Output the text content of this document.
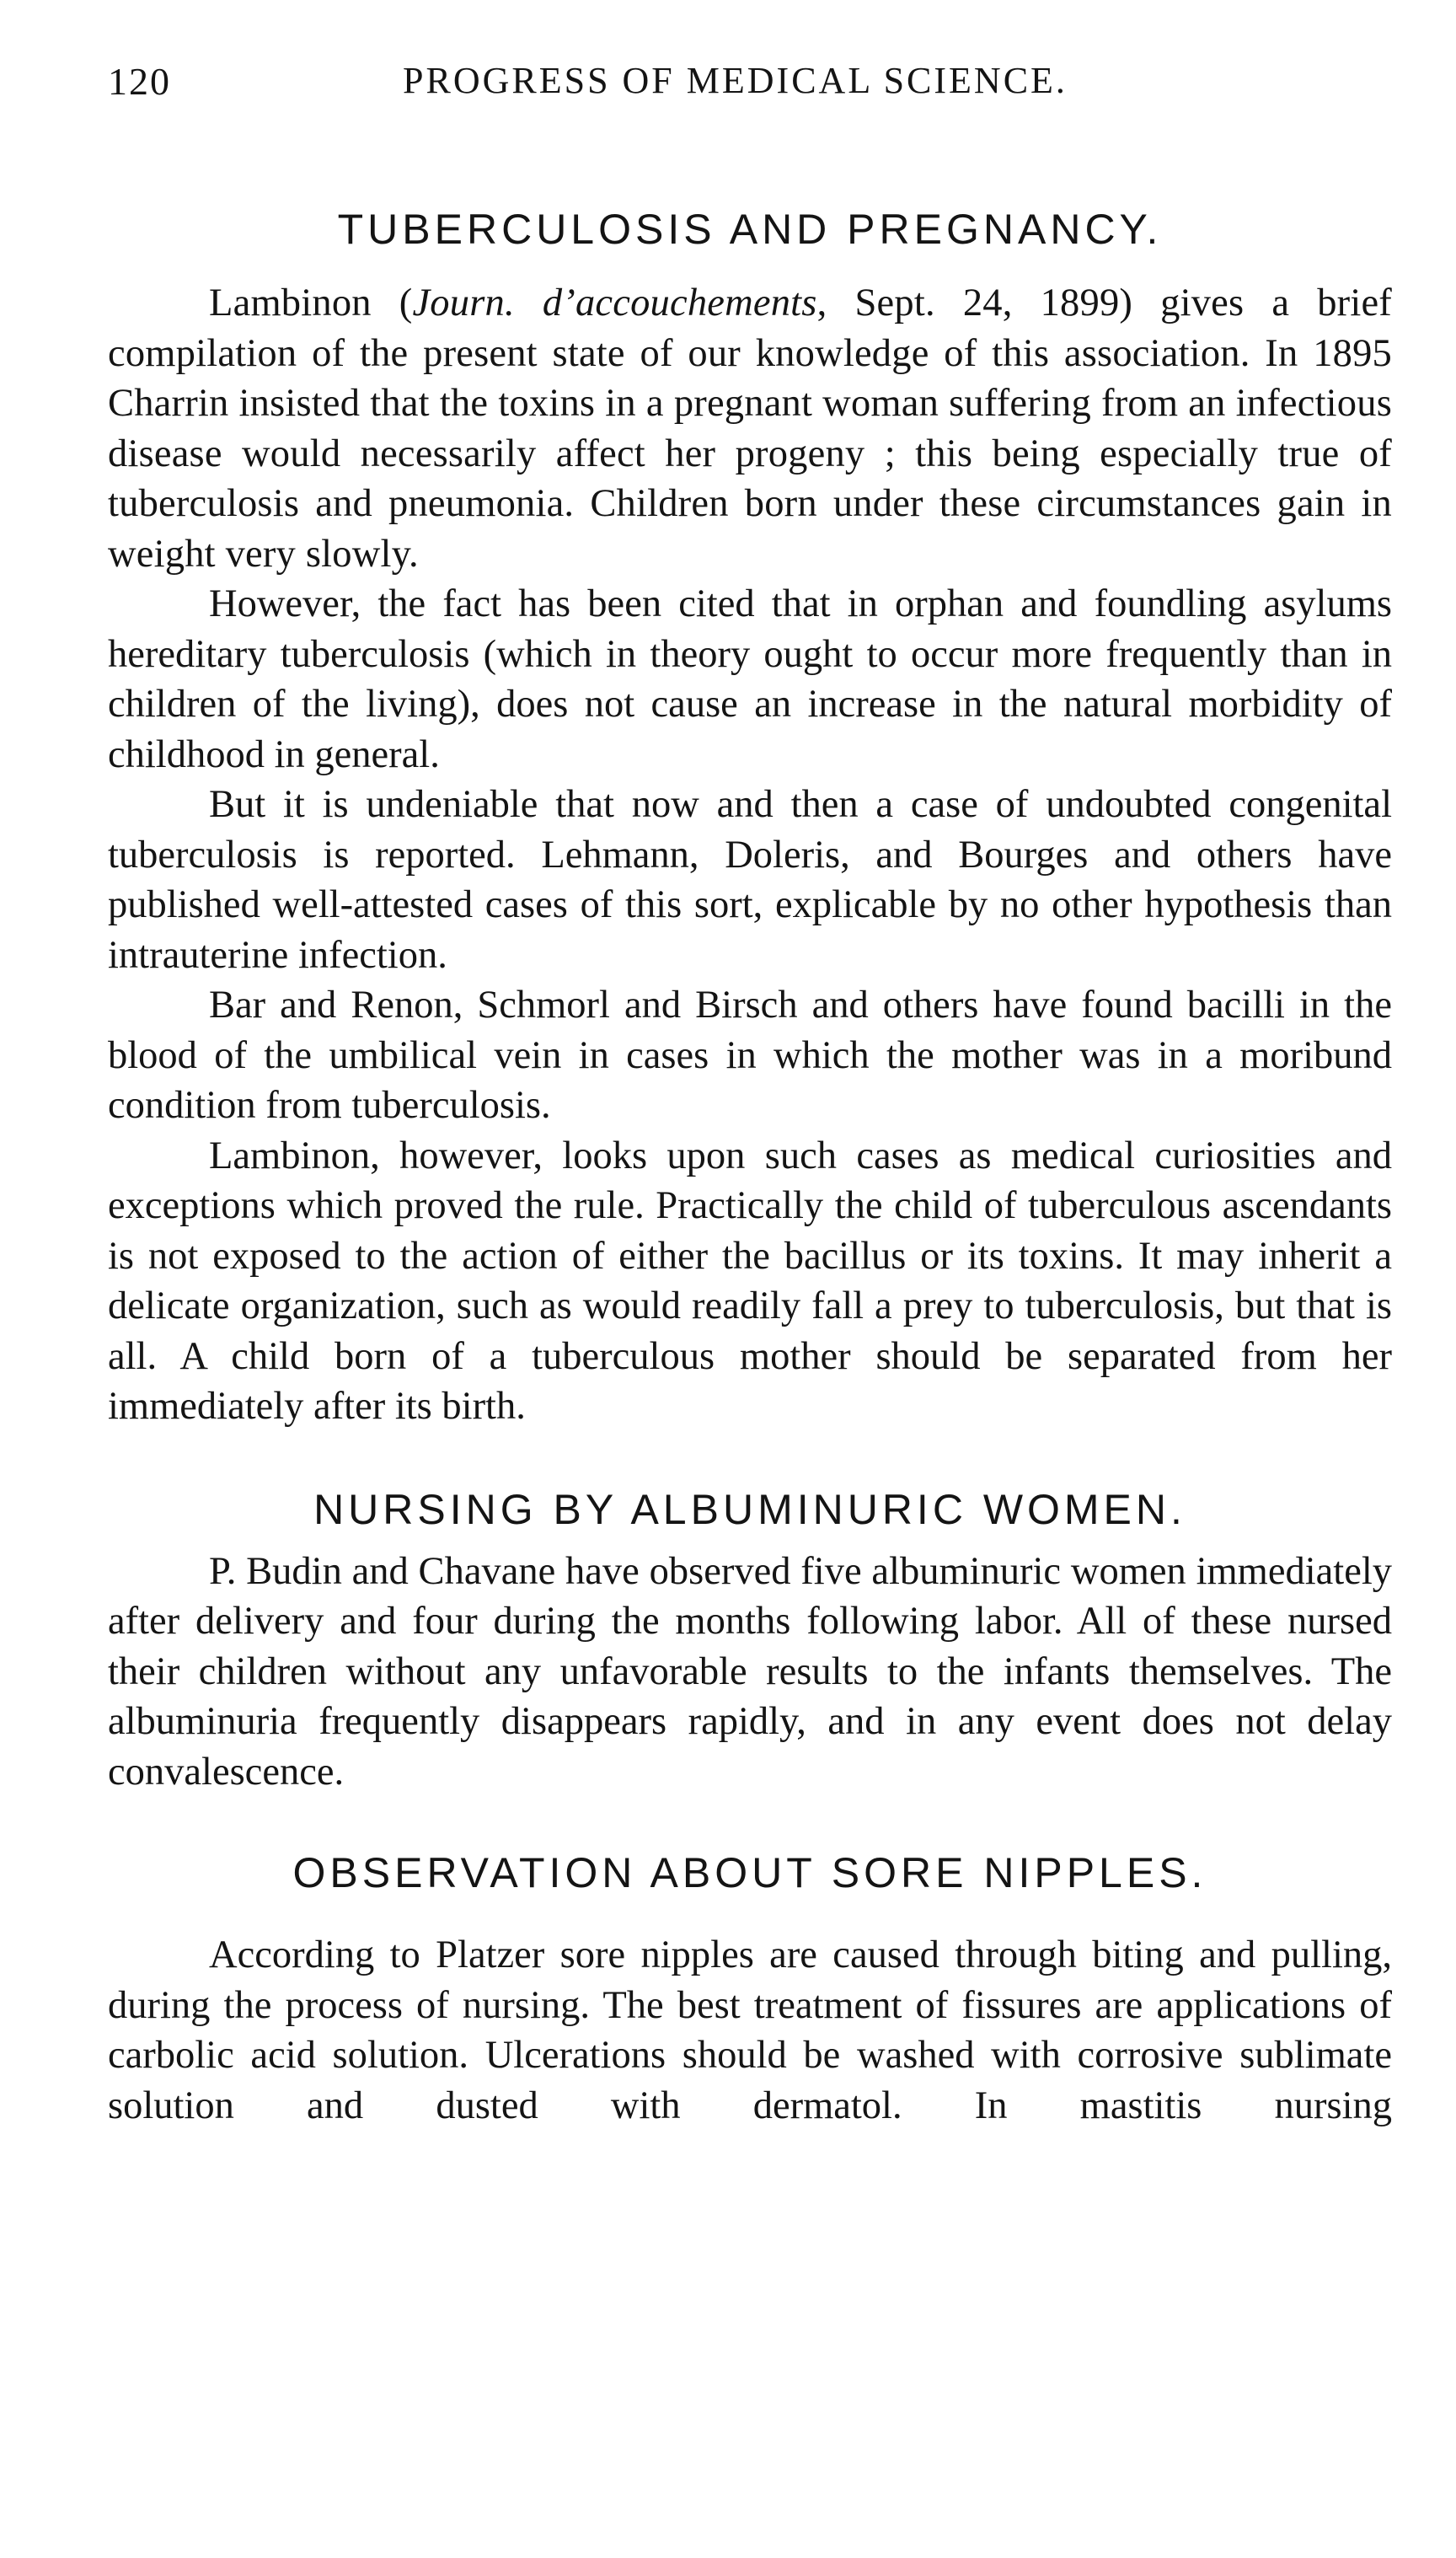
120	PROGRESS OF MEDICAL SCIENCE.
TUBERCULOSIS AND PREGNANCY.

Lambinon (Journ. d’accouchements, Sept. 24, 1899) gives a brief compilation of the present state of our knowledge of this association. In 1895 Charrin insisted that the toxins in a pregnant woman suffering from an infectious disease would necessarily affect her progeny ; this being especially true of tuberculosis and pneumonia. Children born under these circumstances gain in weight very slowly.

However, the fact has been cited that in orphan and foundling asylums hereditary tuberculosis (which in theory ought to occur more frequently than in children of the living), does not cause an increase in the natural morbidity of childhood in general.

But it is undeniable that now and then a case of undoubted congenital tuberculosis is reported. Lehmann, Doleris, and Bourges and others have published well-attested cases of this sort, explicable by no other hypothesis than intrauterine infection.

Bar and Renon, Schmorl and Birsch and others have found bacilli in the blood of the umbilical vein in cases in which the mother was in a moribund condition from tuberculosis.

Lambinon, however, looks upon such cases as medical curiosities and exceptions which proved the rule. Practically the child of tuberculous ascendants is not exposed to the action of either the bacillus or its toxins. It may inherit a delicate organization, such as would readily fall a prey to tuberculosis, but that is all. A child born of a tuberculous mother should be separated from her immediately after its birth.

NURSING BY ALBUMINURIC WOMEN.

P. Budin and Chavane have observed five albuminuric women immediately after delivery and four during the months following labor. All of these nursed their children without any unfavorable results to the infants themselves. The albuminuria frequently disappears rapidly, and in any event does not delay convalescence.

OBSERVATION ABOUT SORE NIPPLES.

According to Platzer sore nipples are caused through biting and pulling, during the process of nursing. The best treatment of fissures are applications of carbolic acid solution. Ulcerations should be washed with corrosive sublimate solution and dusted with dermatol. In mastitis nursing
